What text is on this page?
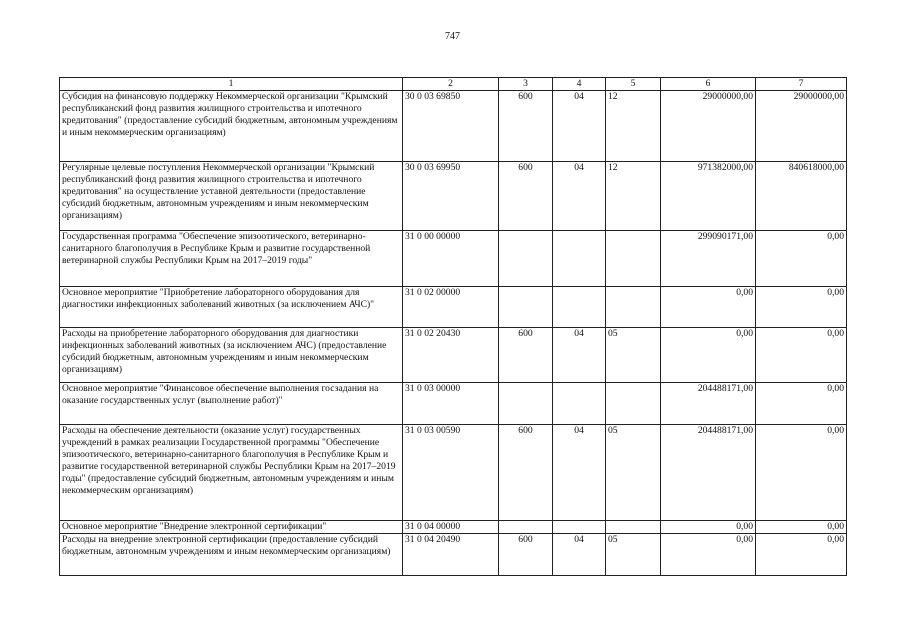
747
1	2	3	4	5	6	7
Субсидия на финансовую поддержку Некоммерческой организации "Крымский республиканский фонд развития жилищного строительства и ипотечного кредитования" (предоставление субсидий бюджетным, автономным учреждениям и иным некоммерческим организациям)	30 0 03 69850	600	04	12	29000000,00	29000000,00
Регулярные целевые поступления Некоммерческой организации "Крымский республиканский фонд развития жилищного строительства и ипотечного кредитования" на осуществление уставной деятельности (предоставление субсидий бюджетным, автономным учреждениям и иным некоммерческим организациям)	30 0 03 69950	600	04	12	971382000,00	840618000,00
Государственная программа "Обеспечение эпизоотического, ветеринарно-санитарного благополучия в Республике Крым и развитие государственной ветеринарной службы Республики Крым на 2017–2019 годы"	31 0 00 00000				299090171,00	0,00
Основное мероприятие "Приобретение лабораторного оборудования для диагностики инфекционных заболеваний животных (за исключением АЧС)"	31 0 02 00000				0,00	0,00
Расходы на приобретение лабораторного оборудования для диагностики инфекционных заболеваний животных (за исключением АЧС) (предоставление субсидий бюджетным, автономным учреждениям и иным некоммерческим организациям)	31 0 02 20430	600	04	05	0,00	0,00
Основное мероприятие "Финансовое обеспечение выполнения госзадания на оказание государственных услуг (выполнение работ)"	31 0 03 00000				204488171,00	0,00
Расходы на обеспечение деятельности (оказание услуг) государственных учреждений в рамках реализации Государственной программы "Обеспечение эпизоотического, ветеринарно-санитарного благополучия в Республике Крым и развитие государственной ветеринарной службы Республики Крым на 2017–2019 годы" (предоставление субсидий бюджетным, автономным учреждениям и иным некоммерческим организациям)	31 0 03 00590	600	04	05	204488171,00	0,00
Основное мероприятие "Внедрение электронной сертификации"	31 0 04 00000				0,00	0,00
Расходы на внедрение электронной сертификации (предоставление субсидий бюджетным, автономным учреждениям и иным некоммерческим организациям)	31 0 04 20490	600	04	05	0,00	0,00
